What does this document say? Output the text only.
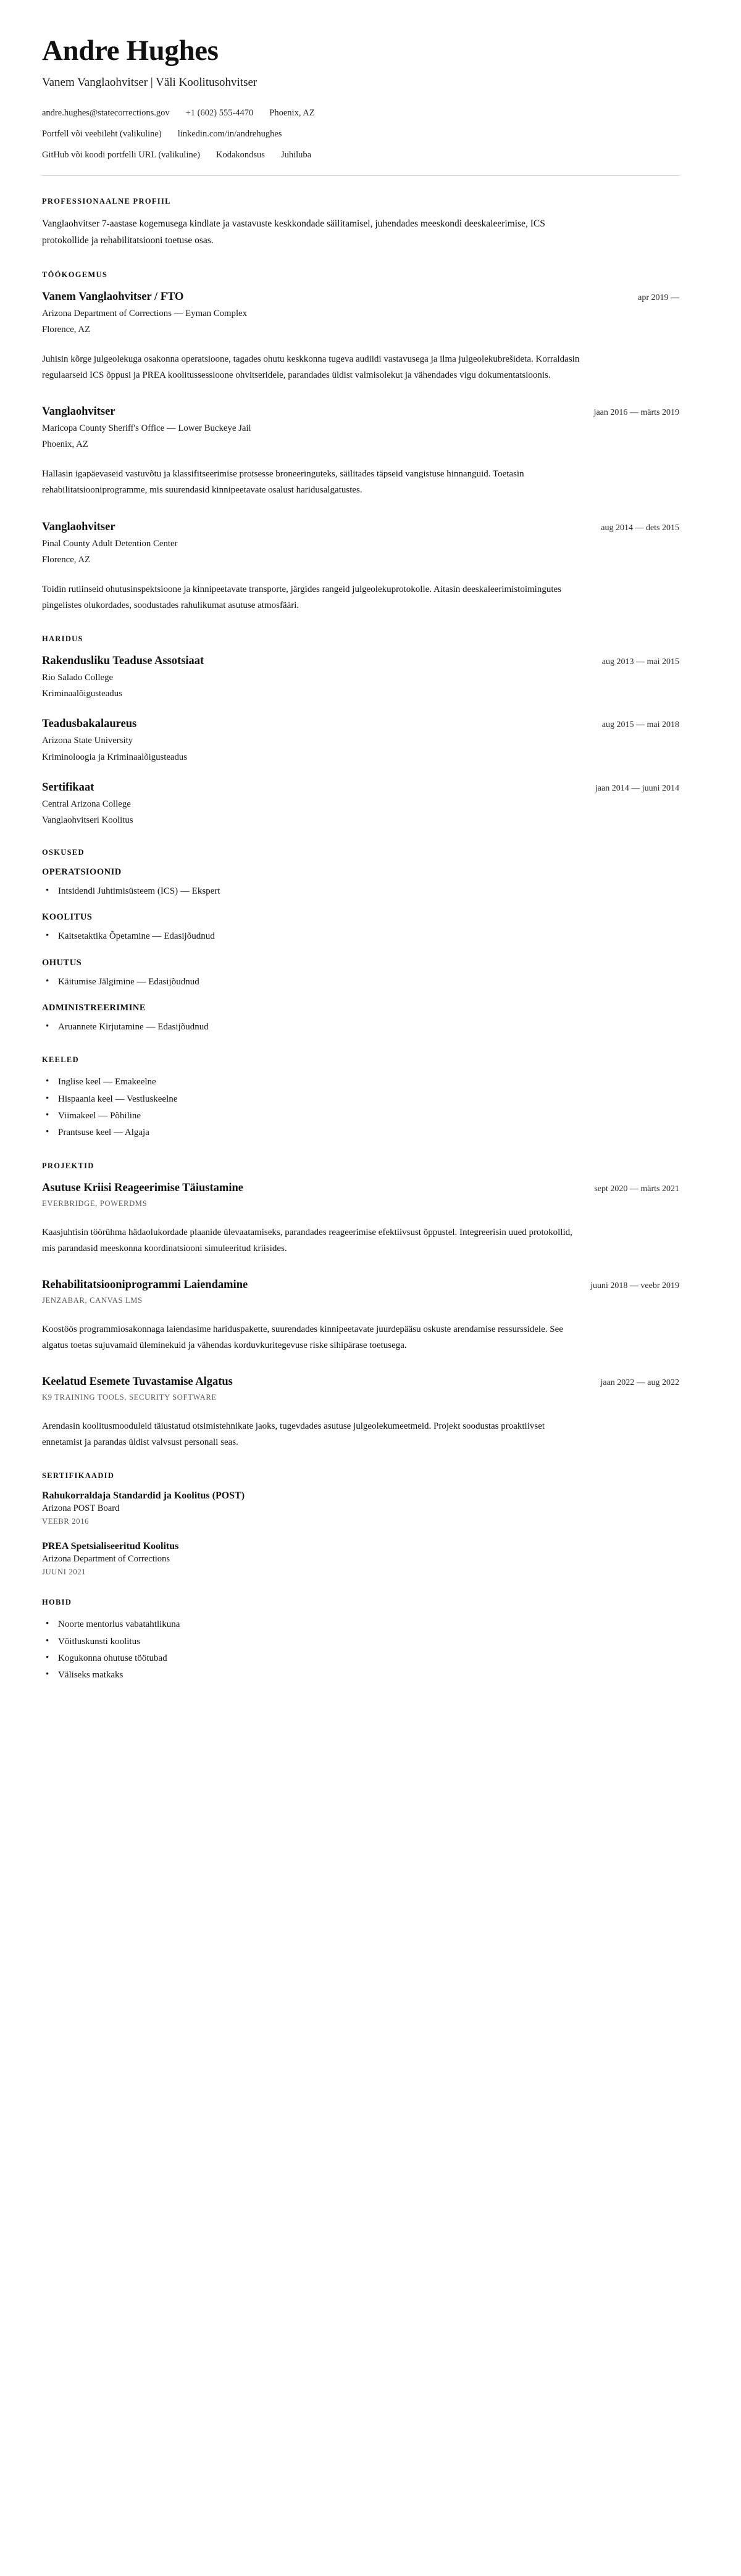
Andre Hughes
Vanem Vanglaohvitser | Väli Koolitusohvitser
andre.hughes@statecorrections.gov +1 (602) 555-4470 Phoenix, AZ
Portfell või veebileht (valikuline) linkedin.com/in/andrehughes
GitHub või koodi portfelli URL (valikuline) Kodakondsus Juhiluba
PROFESSIONAALNE PROFIIL

Vanglaohvitser 7-aastase kogemusega kindlate ja vastavuste keskkondade säilitamisel, juhendades meeskondi deeskaleerimise, ICS protokollide ja rehabilitatsiooni toetuse osas.

TÖÖKOGEMUS
Vanem Vanglaohvitser / FTO	apr 2019 —
Arizona Department of Corrections — Eyman Complex
Florence, AZ

Juhisin kõrge julgeolekuga osakonna operatsioone, tagades ohutu keskkonna tugeva audiidi vastavusega ja ilma julgeolekubrešideta. Korraldasin regulaarseid ICS õppusi ja PREA koolitussessioone ohvitseridele, parandades üldist valmisolekut ja vähendades vigu dokumentatsioonis.

Vanglaohvitser	jaan 2016 — märts 2019
Maricopa County Sheriff's Office — Lower Buckeye Jail
Phoenix, AZ

Hallasin igapäevaseid vastuvõtu ja klassifitseerimise protsesse broneeringuteks, säilitades täpseid vangistuse hinnanguid. Toetasin rehabilitatsiooniprogramme, mis suurendasid kinnipeetavate osalust haridusalgatustes.

Vanglaohvitser	aug 2014 — dets 2015
Pinal County Adult Detention Center
Florence, AZ

Toidin rutiinseid ohutusinspektsioone ja kinnipeetavate transporte, järgides rangeid julgeolekuprotokolle. Aitasin deeskaleerimistoimingutes pingelistes olukordades, soodustades rahulikumat asutuse atmosfääri.

HARIDUS
Rakendusliku Teaduse Assotsiaat	aug 2013 — mai 2015
Rio Salado College
Kriminaalõigusteadus
Teadusbakalaureus	aug 2015 — mai 2018
Arizona State University
Kriminoloogia ja Kriminaalõigusteadus
Sertifikaat	jaan 2014 — juuni 2014
Central Arizona College
Vanglaohvitseri Koolitus
OSKUSED
OPERATSIOONID
• Intsidendi Juhtimisüsteem (ICS) — Ekspert
KOOLITUS
• Kaitsetaktika Õpetamine — Edasijõudnud
OHUTUS
• Käitumise Jälgimine — Edasijõudnud
ADMINISTREERIMINE
• Aruannete Kirjutamine — Edasijõudnud
KEELED
• Inglise keel — Emakeelne
• Hispaania keel — Vestluskeelne
• Viimakeel — Põhiline
• Prantsuse keel — Algaja
PROJEKTID
Asutuse Kriisi Reageerimise Täiustamine	sept 2020 — märts 2021
EVERBRIDGE, POWERDMS

Kaasjuhtisin töörühma hädaolukordade plaanide ülevaatamiseks, parandades reageerimise efektiivsust õppustel. Integreerisin uued protokollid, mis parandasid meeskonna koordinatsiooni simuleeritud kriisides.

Rehabilitatsiooniprogrammi Laiendamine	juuni 2018 — veebr 2019
JENZABAR, CANVAS LMS

Koostöös programmiosakonnaga laiendasime hariduspakette, suurendades kinnipeetavate juurdepääsu oskuste arendamise ressurssidele. See algatus toetas sujuvamaid üleminekuid ja vähendas korduvkuritegevuse riske sihipärase toetusega.

Keelatud Esemete Tuvastamise Algatus	jaan 2022 — aug 2022
K9 TRAINING TOOLS, SECURITY SOFTWARE

Arendasin koolitusmooduleid täiustatud otsimistehnikate jaoks, tugevdades asutuse julgeolekumeetmeid. Projekt soodustas proaktiivset ennetamist ja parandas üldist valvsust personali seas.

SERTIFIKAADID
Rahukorraldaja Standardid ja Koolitus (POST)
Arizona POST Board
VEEBR 2016
PREA Spetsialiseeritud Koolitus
Arizona Department of Corrections
JUUNI 2021
HOBID
• Noorte mentorlus vabatahtlikuna
• Võitluskunsti koolitus
• Kogukonna ohutuse töötubad
• Väliseks matkaks
